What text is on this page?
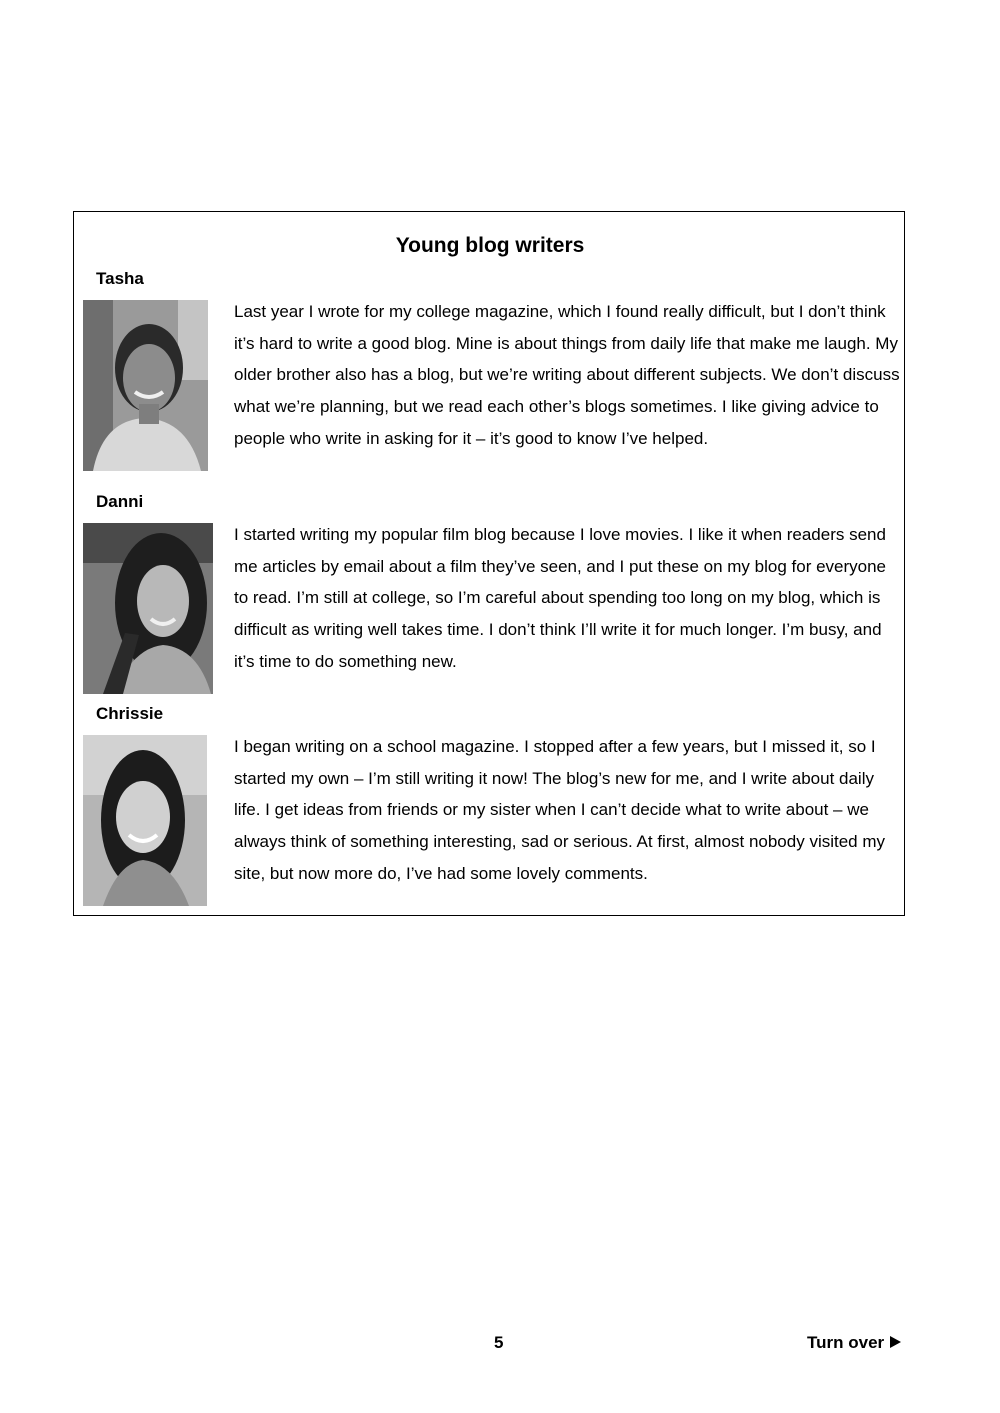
Young blog writers

Tasha

Last year I wrote for my college magazine, which I found really difficult, but I don’t think it’s hard to write a good blog. Mine is about things from daily life that make me laugh. My older brother also has a blog, but we’re writing about different subjects. We don’t discuss what we’re planning, but we read each other’s blogs sometimes. I like giving advice to people who write in asking for it – it’s good to know I’ve helped.

Danni

I started writing my popular film blog because I love movies. I like it when readers send me articles by email about a film they’ve seen, and I put these on my blog for everyone to read. I’m still at college, so I’m careful about spending too long on my blog, which is difficult as writing well takes time. I don’t think I’ll write it for much longer. I’m busy, and it’s time to do something new.

Chrissie

I began writing on a school magazine. I stopped after a few years, but I missed it, so I started my own – I’m still writing it now! The blog’s new for me, and I write about daily life. I get ideas from friends or my sister when I can’t decide what to write about – we always think of something interesting, sad or serious. At first, almost nobody visited my site, but now more do, I’ve had some lovely comments.

5	Turn over
